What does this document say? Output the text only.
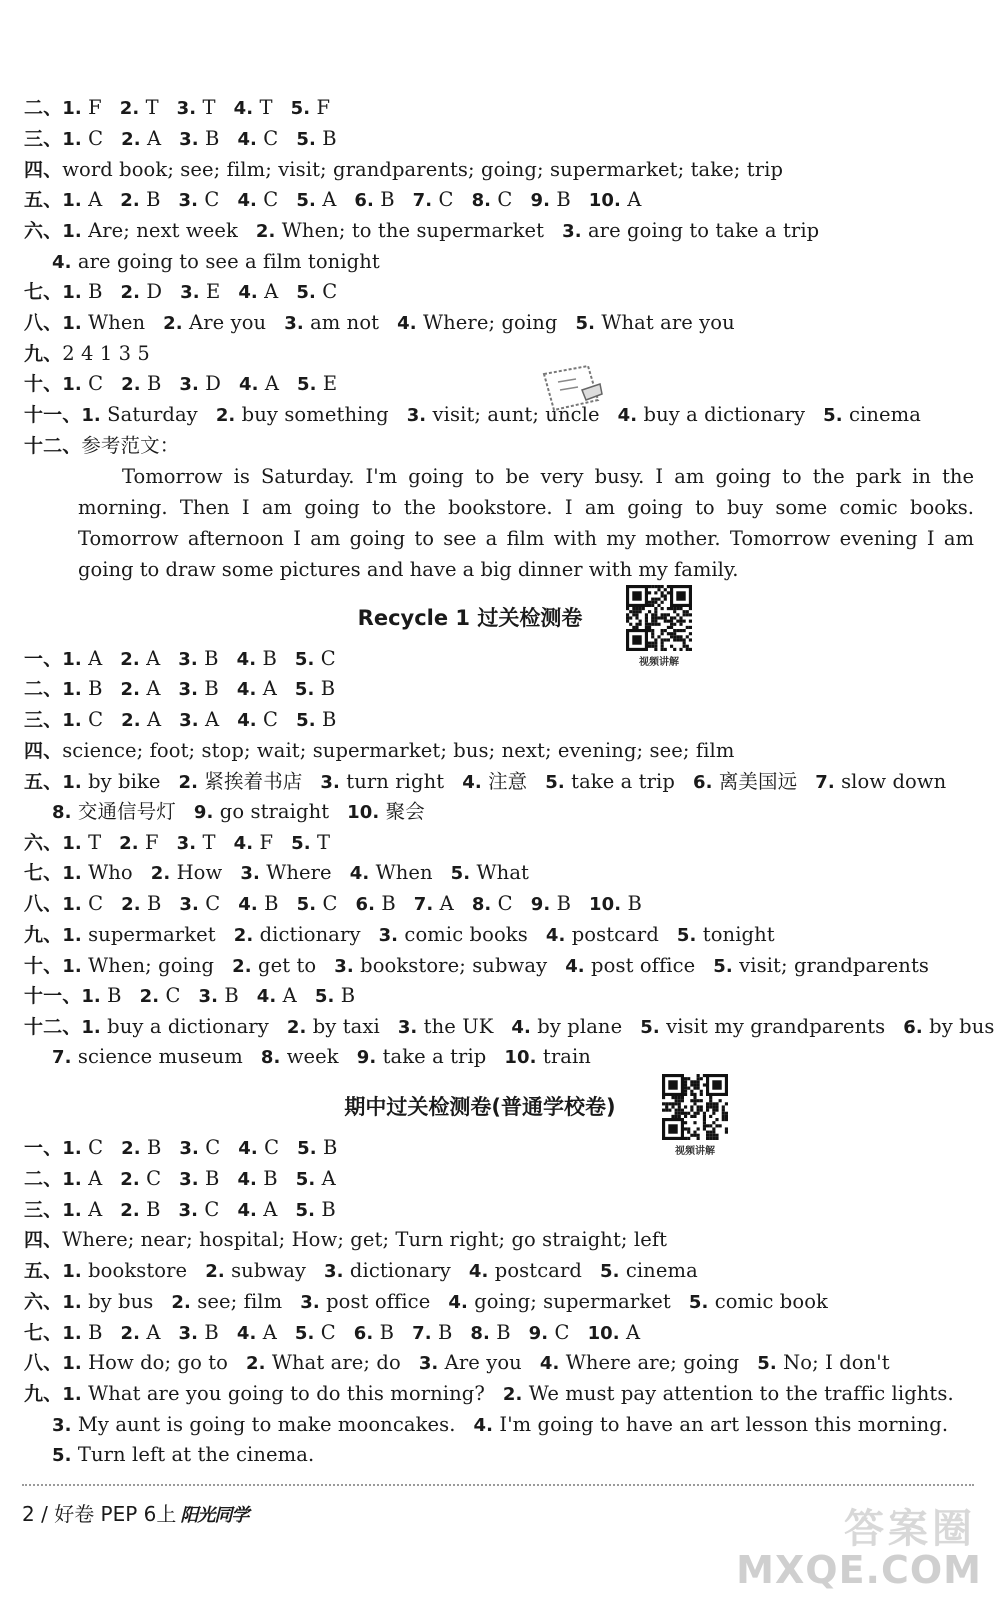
二、1. F 2. T 3. T 4. T 5. F
三、1. C 2. A 3. B 4. C 5. B
四、word book; see; film; visit; grandparents; going; supermarket; take; trip
五、1. A 2. B 3. C 4. C 5. A 6. B 7. C 8. C 9. B 10. A
六、1. Are; next week 2. When; to the supermarket 3. are going to take a trip
4. are going to see a film tonight
七、1. B 2. D 3. E 4. A 5. C
八、1. When 2. Are you 3. am not 4. Where; going 5. What are you
九、2 4 1 3 5
十、1. C 2. B 3. D 4. A 5. E
十一、1. Saturday 2. buy something 3. visit; aunt; uncle 4. buy a dictionary 5. cinema
十二、参考范文：
一、1. A 2. A 3. B 4. B 5. C
二、1. B 2. A 3. B 4. A 5. B
三、1. C 2. A 3. A 4. C 5. B
四、science; foot; stop; wait; supermarket; bus; next; evening; see; film
五、1. by bike 2. 紧挨着书店 3. turn right 4. 注意 5. take a trip 6. 离美国远 7. slow down
8. 交通信号灯 9. go straight 10. 聚会
六、1. T 2. F 3. T 4. F 5. T
七、1. Who 2. How 3. Where 4. When 5. What
八、1. C 2. B 3. C 4. B 5. C 6. B 7. A 8. C 9. B 10. B
九、1. supermarket 2. dictionary 3. comic books 4. postcard 5. tonight
十、1. When; going 2. get to 3. bookstore; subway 4. post office 5. visit; grandparents
十一、1. B 2. C 3. B 4. A 5. B
十二、1. buy a dictionary 2. by taxi 3. the UK 4. by plane 5. visit my grandparents 6. by bus
7. science museum 8. week 9. take a trip 10. train
一、1. C 2. B 3. C 4. C 5. B
二、1. A 2. C 3. B 4. B 5. A
三、1. A 2. B 3. C 4. A 5. B
四、Where; near; hospital; How; get; Turn right; go straight; left
五、1. bookstore 2. subway 3. dictionary 4. postcard 5. cinema
六、1. by bus 2. see; film 3. post office 4. going; supermarket 5. comic book
七、1. B 2. A 3. B 4. A 5. C 6. B 7. B 8. B 9. C 10. A
八、1. How do; go to 2. What are; do 3. Are you 4. Where are; going 5. No; I don't
九、1. What are you going to do this morning? 2. We must pay attention to the traffic lights.
3. My aunt is going to make mooncakes. 4. I'm going to have an art lesson this morning.
5. Turn left at the cinema.
Tomorrow is Saturday. I'm going to be very busy. I am going to the park in the morning. Then I am going to the bookstore. I am going to buy some comic books. Tomorrow afternoon I am going to see a film with my mother. Tomorrow evening I am going to draw some pictures and have a big dinner with my family.
Recycle 1 过关检测卷
期中过关检测卷(普通学校卷)
视频讲解
视频讲解
2 / 好卷 PEP 6上 阳光同学	答案圈
MXQE.COM
